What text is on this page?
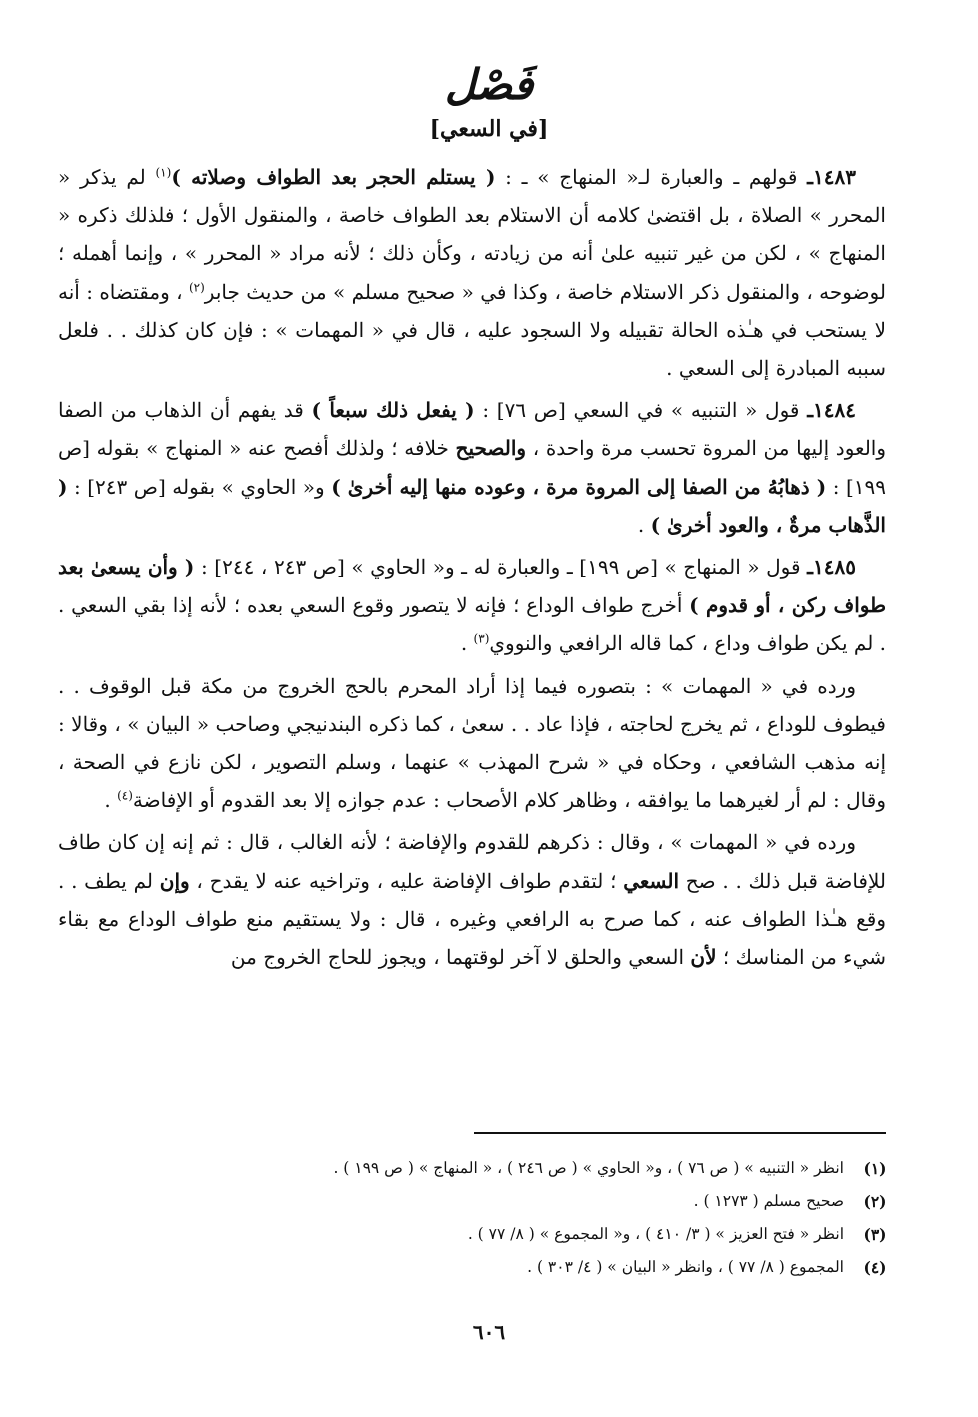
فَصْل
[في السعي]

١٤٨٣ـ قولهم ـ والعبارة لـ« المنهاج » ـ : ( يستلم الحجر بعد الطواف وصلاته )$^{(١)}$ لم يذكر « المحرر » الصلاة ، بل اقتضىٰ كلامه أن الاستلام بعد الطواف خاصة ، والمنقول الأول ؛ فلذلك ذكره « المنهاج » ، لكن من غير تنبيه علىٰ أنه من زيادته ، وكأن ذلك ؛ لأنه مراد « المحرر » ، وإنما أهمله ؛ لوضوحه ، والمنقول ذكر الاستلام خاصة ، وكذا في « صحيح مسلم » من حديث جابر$^{(٢)}$ ، ومقتضاه : أنه لا يستحب في هـٰذه الحالة تقبيله ولا السجود عليه ، قال في « المهمات » : فإن كان كذلك . . فلعل سببه المبادرة إلى السعي .

١٤٨٤ـ قول « التنبيه » في السعي [ص ٧٦] : ( يفعل ذلك سبعاً ) قد يفهم أن الذهاب من الصفا والعود إليها من المروة تحسب مرة واحدة ، والصحيح خلافه ؛ ولذلك أفصح عنه « المنهاج » بقوله [ص ١٩٩] : ( ذهابُهُ من الصفا إلى المروة مرة ، وعوده منها إليه أخرىٰ ) و« الحاوي » بقوله [ص ٢٤٣] : ( الذَّهاب مرةٌ ، والعود أخرىٰ ) .

١٤٨٥ـ قول « المنهاج » [ص ١٩٩] ـ والعبارة له ـ و« الحاوي » [ص ٢٤٣ ، ٢٤٤] : ( وأن يسعىٰ بعد طواف ركن ، أو قدوم ) أخرج طواف الوداع ؛ فإنه لا يتصور وقوع السعي بعده ؛ لأنه إذا بقي السعي . . لم يكن طواف وداع ، كما قاله الرافعي والنووي$^{(٣)}$ .

ورده في « المهمات » : بتصوره فيما إذا أراد المحرم بالحج الخروج من مكة قبل الوقوف . . فيطوف للوداع ، ثم يخرج لحاجته ، فإذا عاد . . سعىٰ ، كما ذكره البندنيجي وصاحب « البيان » ، وقالا : إنه مذهب الشافعي ، وحكاه في « شرح المهذب » عنهما ، وسلم التصوير ، لكن نازع في الصحة ، وقال : لم أر لغيرهما ما يوافقه ، وظاهر كلام الأصحاب : عدم جوازه إلا بعد القدوم أو الإفاضة$^{(٤)}$ .

ورده في « المهمات » ، وقال : ذكرهم للقدوم والإفاضة ؛ لأنه الغالب ، قال : ثم إنه إن كان طاف للإفاضة قبل ذلك . . صح السعي ؛ لتقدم طواف الإفاضة عليه ، وتراخيه عنه لا يقدح ، وإن لم يطف . . وقع هـٰذا الطواف عنه ، كما صرح به الرافعي وغيره ، قال : ولا يستقيم منع طواف الوداع مع بقاء شيء من المناسك ؛ لأن السعي والحلق لا آخر لوقتهما ، ويجوز للحاج الخروج من

(١)
انظر « التنبيه » ( ص ٧٦ ) ، و« الحاوي » ( ص ٢٤٦ ) ، « المنهاج » ( ص ١٩٩ ) .
(٢)
صحيح مسلم ( ١٢٧٣ ) .
(٣)
انظر « فتح العزيز » ( ٣/ ٤١٠ ) ، و« المجموع » ( ٨/ ٧٧ ) .
(٤)
المجموع ( ٨/ ٧٧ ) ، وانظر « البيان » ( ٤/ ٣٠٣ ) .
٦٠٦
